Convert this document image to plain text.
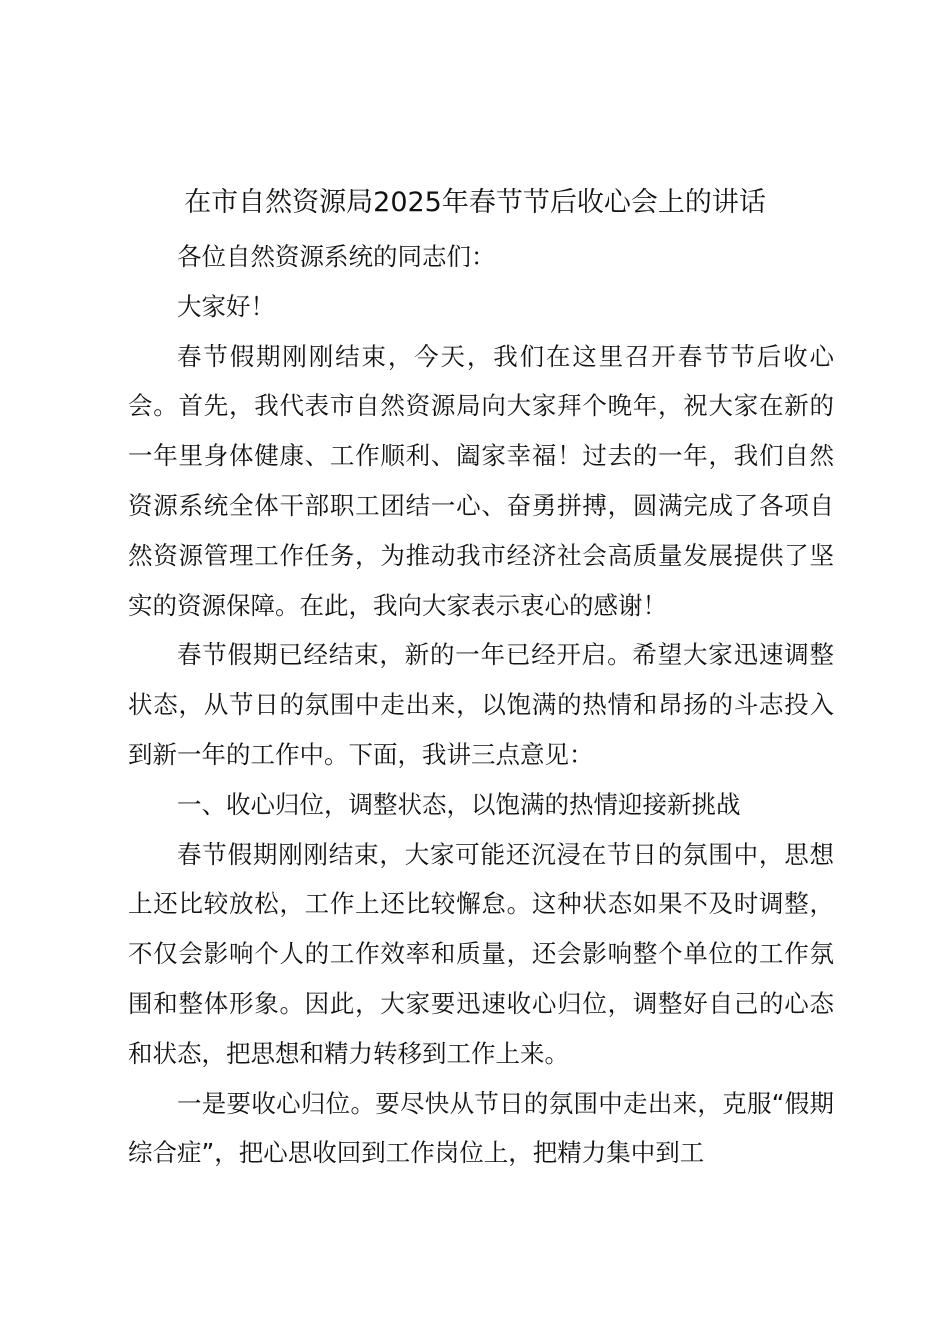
在市自然资源局2025年春节节后收心会上的讲话

各位自然资源系统的同志们：

大家好！

春节假期刚刚结束，今天，我们在这里召开春节节后收心会。首先，我代表市自然资源局向大家拜个晚年，祝大家在新的一年里身体健康、工作顺利、阖家幸福！过去的一年，我们自然资源系统全体干部职工团结一心、奋勇拼搏，圆满完成了各项自然资源管理工作任务，为推动我市经济社会高质量发展提供了坚实的资源保障。在此，我向大家表示衷心的感谢！

春节假期已经结束，新的一年已经开启。希望大家迅速调整状态，从节日的氛围中走出来，以饱满的热情和昂扬的斗志投入到新一年的工作中。下面，我讲三点意见：

一、收心归位，调整状态，以饱满的热情迎接新挑战

春节假期刚刚结束，大家可能还沉浸在节日的氛围中，思想上还比较放松，工作上还比较懈怠。这种状态如果不及时调整，不仅会影响个人的工作效率和质量，还会影响整个单位的工作氛围和整体形象。因此，大家要迅速收心归位，调整好自己的心态和状态，把思想和精力转移到工作上来。

一是要收心归位。要尽快从节日的氛围中走出来，克服“假期综合症”，把心思收回到工作岗位上，把精力集中到工
